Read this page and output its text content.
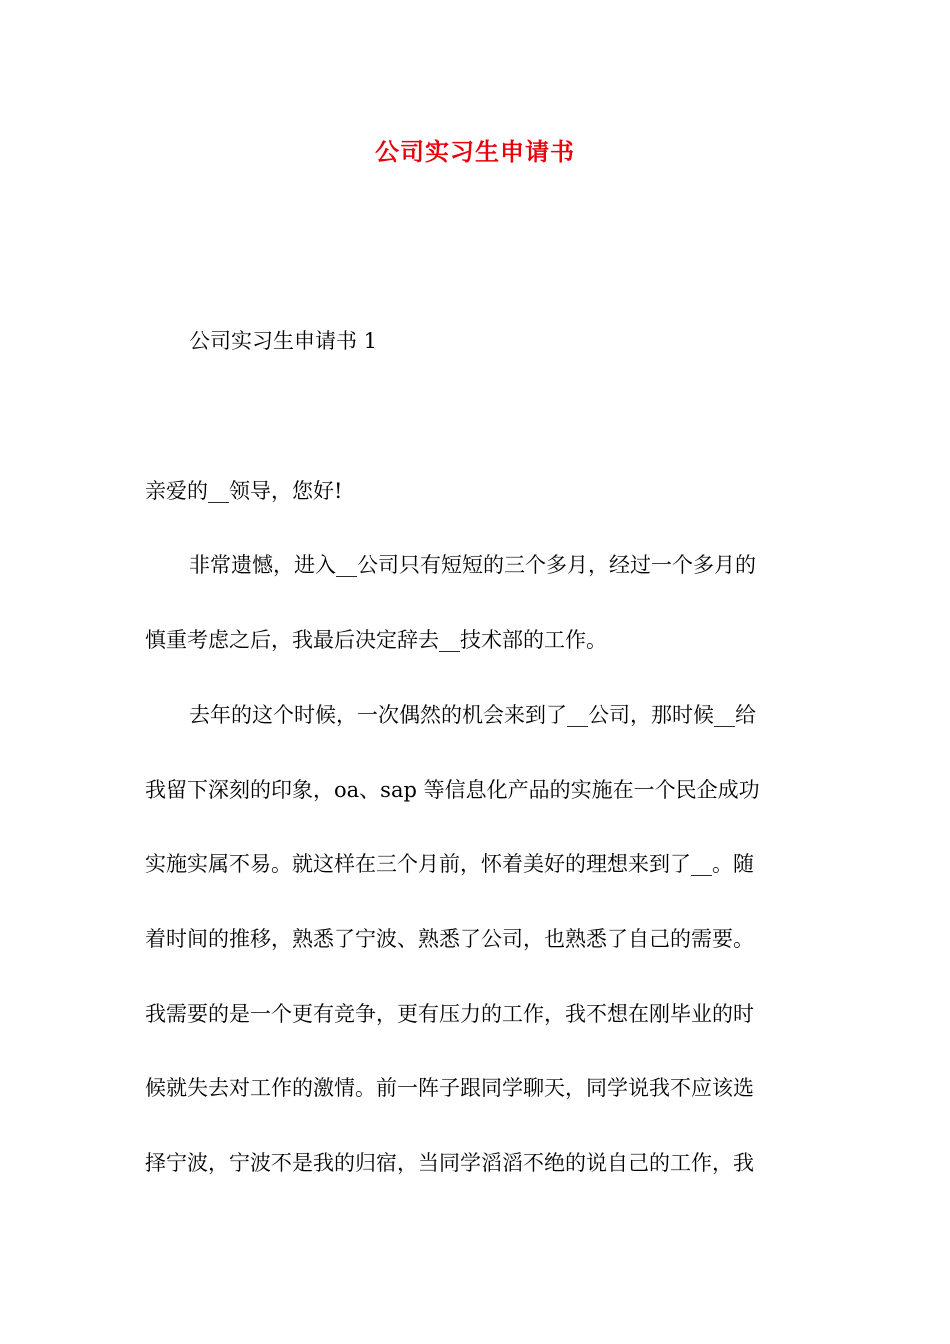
公司实习生申请书
公司实习生申请书 1
亲爱的__领导，您好!
非常遗憾，进入__公司只有短短的三个多月，经过一个多月的
慎重考虑之后，我最后决定辞去__技术部的工作。
去年的这个时候，一次偶然的机会来到了__公司，那时候__给
我留下深刻的印象，oa、sap 等信息化产品的实施在一个民企成功
实施实属不易。就这样在三个月前，怀着美好的理想来到了__。随
着时间的推移，熟悉了宁波、熟悉了公司，也熟悉了自己的需要。
我需要的是一个更有竞争，更有压力的工作，我不想在刚毕业的时
候就失去对工作的激情。前一阵子跟同学聊天，同学说我不应该选
择宁波，宁波不是我的归宿，当同学滔滔不绝的说自己的工作，我
